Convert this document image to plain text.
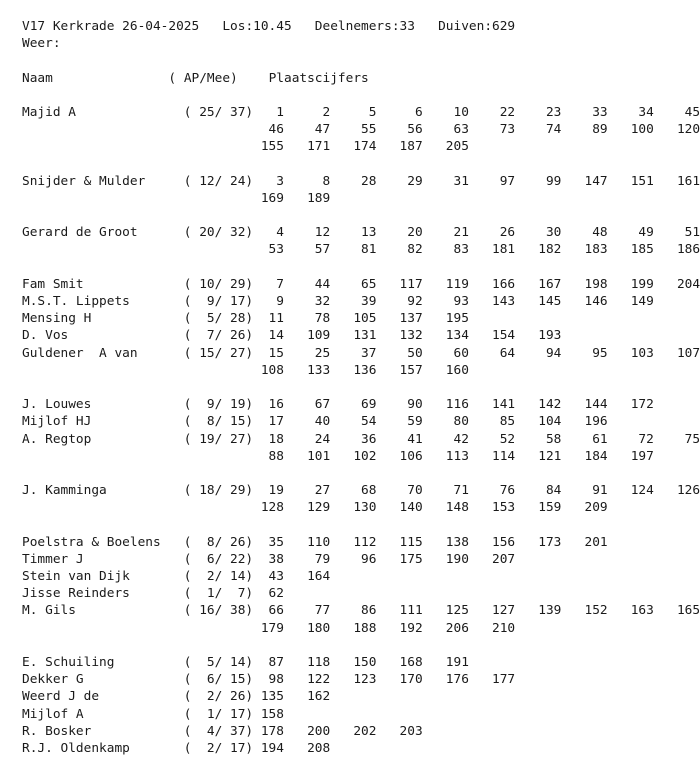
V17 Kerkrade 26-04-2025 Los:10.45 Deelnemers:33 Duiven:629
Weer:

Naam	( AP/Mee) Plaatscijfers

Majid A              ( 25/ 37)   1     2     5     6    10    22    23    33    34    45
46    47    55    56    63    73    74    89   100   120
155   171   174   187   205

Snijder & Mulder     ( 12/ 24)   3     8    28    29    31    97    99   147   151   161
169   189

Gerard de Groot      ( 20/ 32)   4    12    13    20    21    26    30    48    49    51
53    57    81    82    83   181   182   183   185   186

Fam Smit             ( 10/ 29)   7    44    65   117   119   166   167   198   199   204
M.S.T. Lippets       (  9/ 17)   9    32    39    92    93   143   145   146   149
Mensing H            (  5/ 28)  11    78   105   137   195
D. Vos               (  7/ 26)  14   109   131   132   134   154   193
Guldener  A van      ( 15/ 27)  15    25    37    50    60    64    94    95   103   107
108   133   136   157   160

J. Louwes            (  9/ 19)  16    67    69    90   116   141   142   144   172
Mijlof HJ            (  8/ 15)  17    40    54    59    80    85   104   196
A. Regtop            ( 19/ 27)  18    24    36    41    42    52    58    61    72    75
88   101   102   106   113   114   121   184   197

J. Kamminga          ( 18/ 29)  19    27    68    70    71    76    84    91   124   126
128   129   130   140   148   153   159   209

Poelstra & Boelens   (  8/ 26)  35   110   112   115   138   156   173   201
Timmer J             (  6/ 22)  38    79    96   175   190   207
Stein van Dijk       (  2/ 14)  43   164
Jisse Reinders       (  1/  7)  62
M. Gils              ( 16/ 38)  66    77    86   111   125   127   139   152   163   165
179   180   188   192   206   210

E. Schuiling         (  5/ 14)  87   118   150   168   191
Dekker G             (  6/ 15)  98   122   123   170   176   177
Weerd J de           (  2/ 26) 135   162
Mijlof A             (  1/ 17) 158
R. Bosker            (  4/ 37) 178   200   202   203
R.J. Oldenkamp       (  2/ 17) 194   208
